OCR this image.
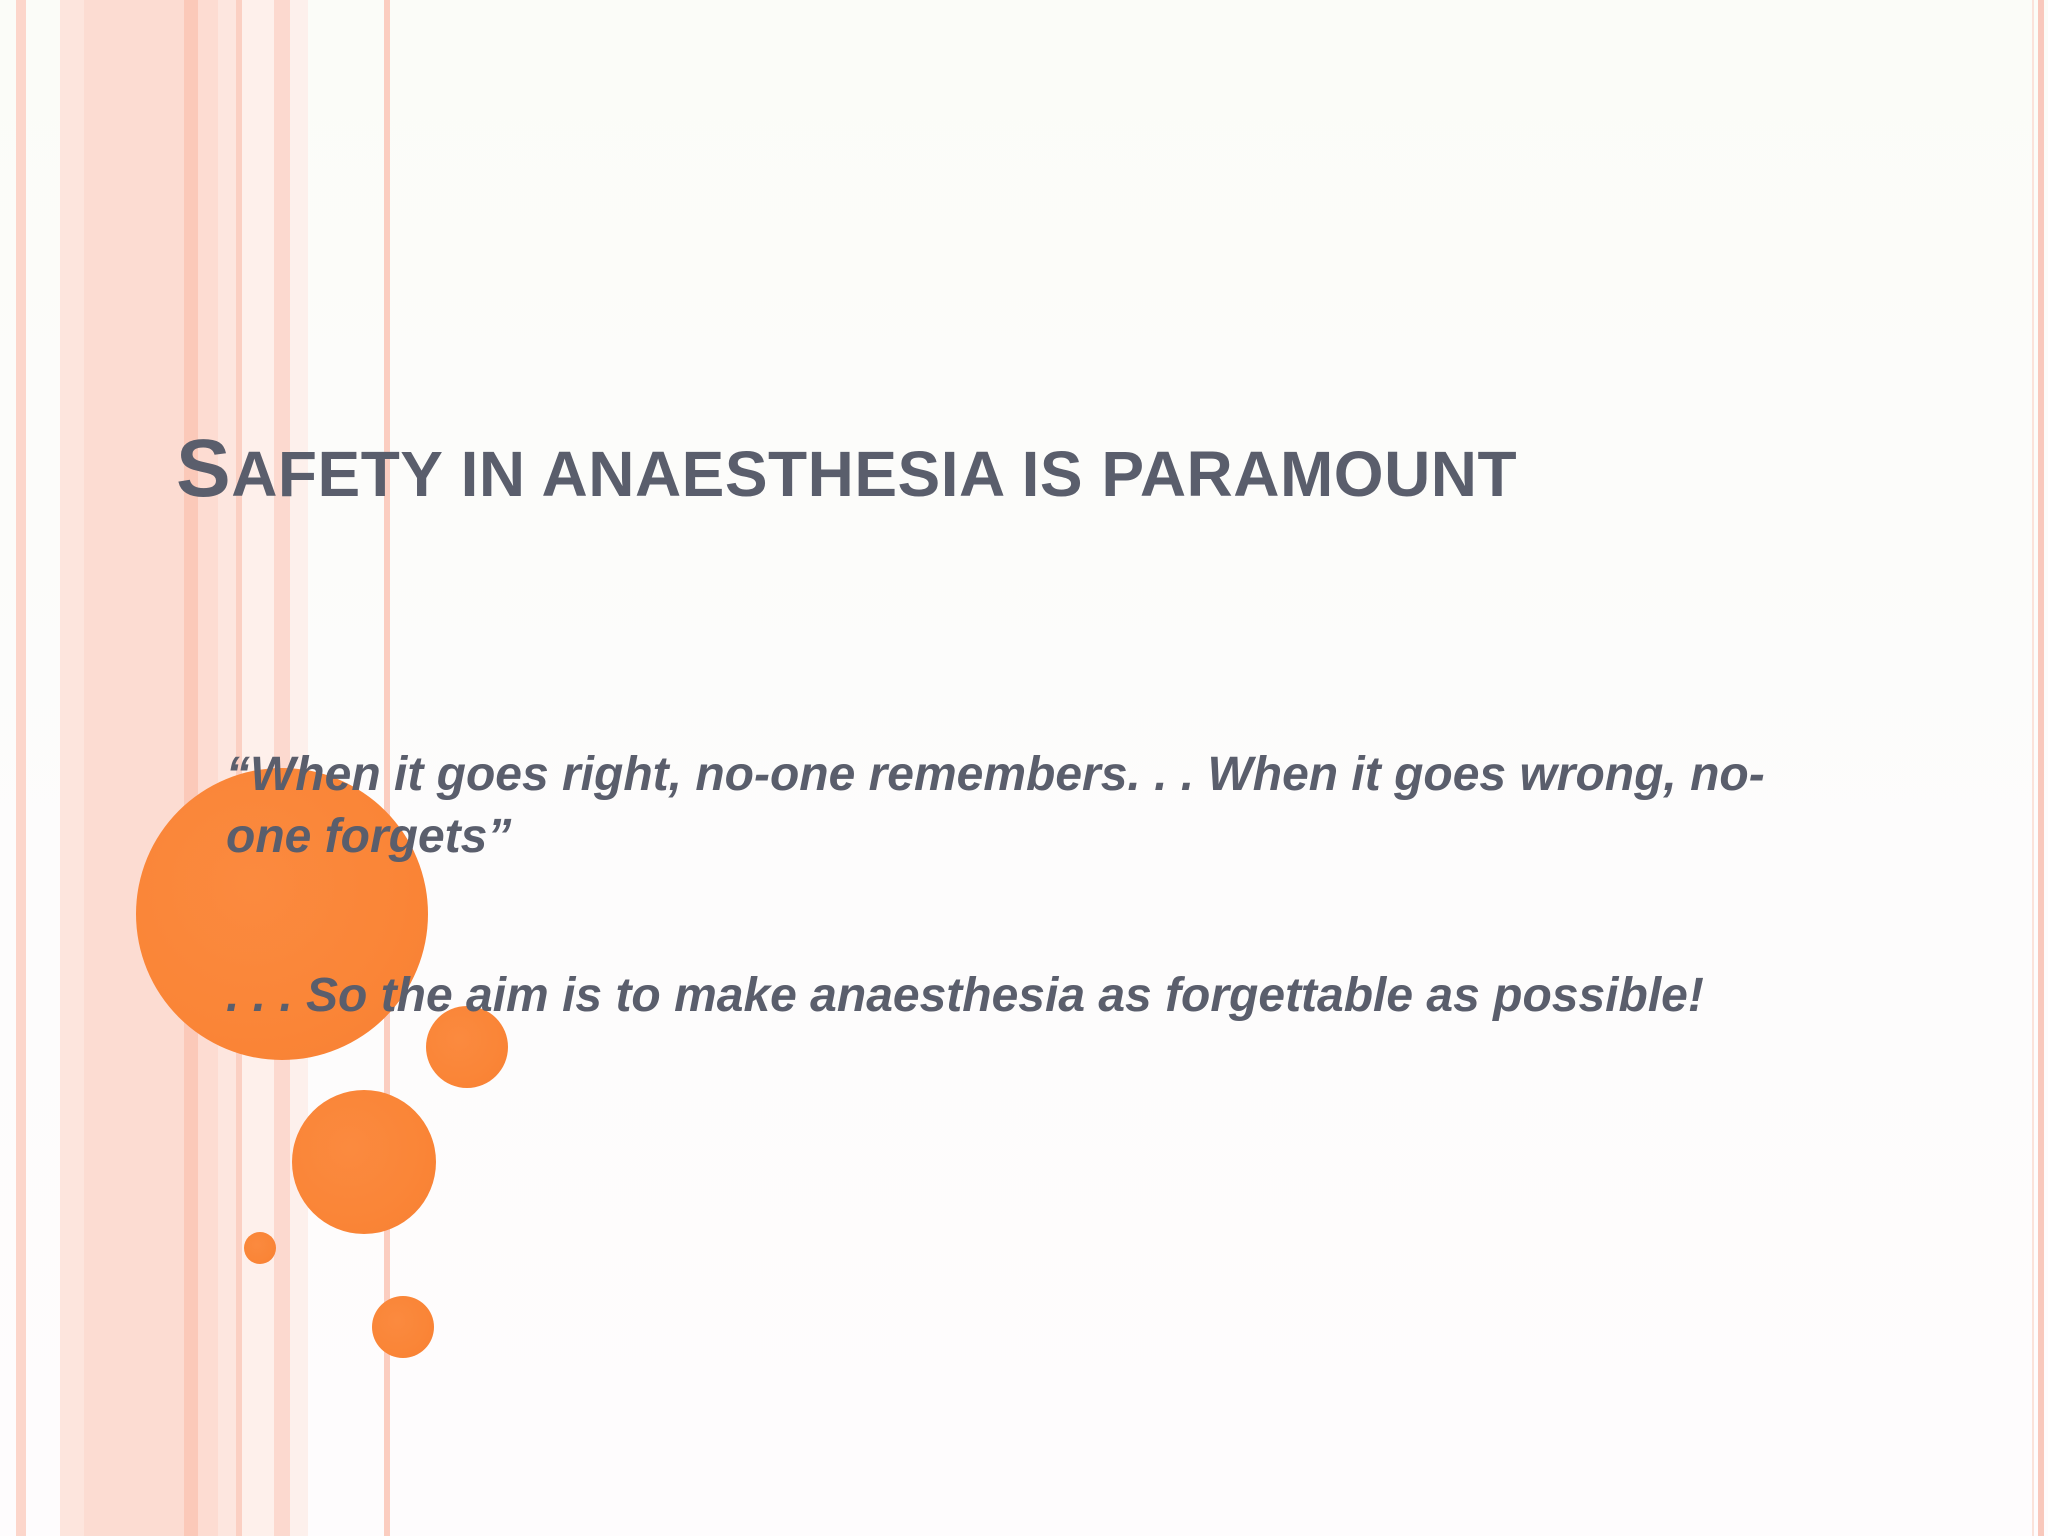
SAFETY IN ANAESTHESIA IS PARAMOUNT

“When it goes right, no-one remembers. . . When it goes wrong, no-one forgets”

. . . So the aim is to make anaesthesia as forgettable as possible!
